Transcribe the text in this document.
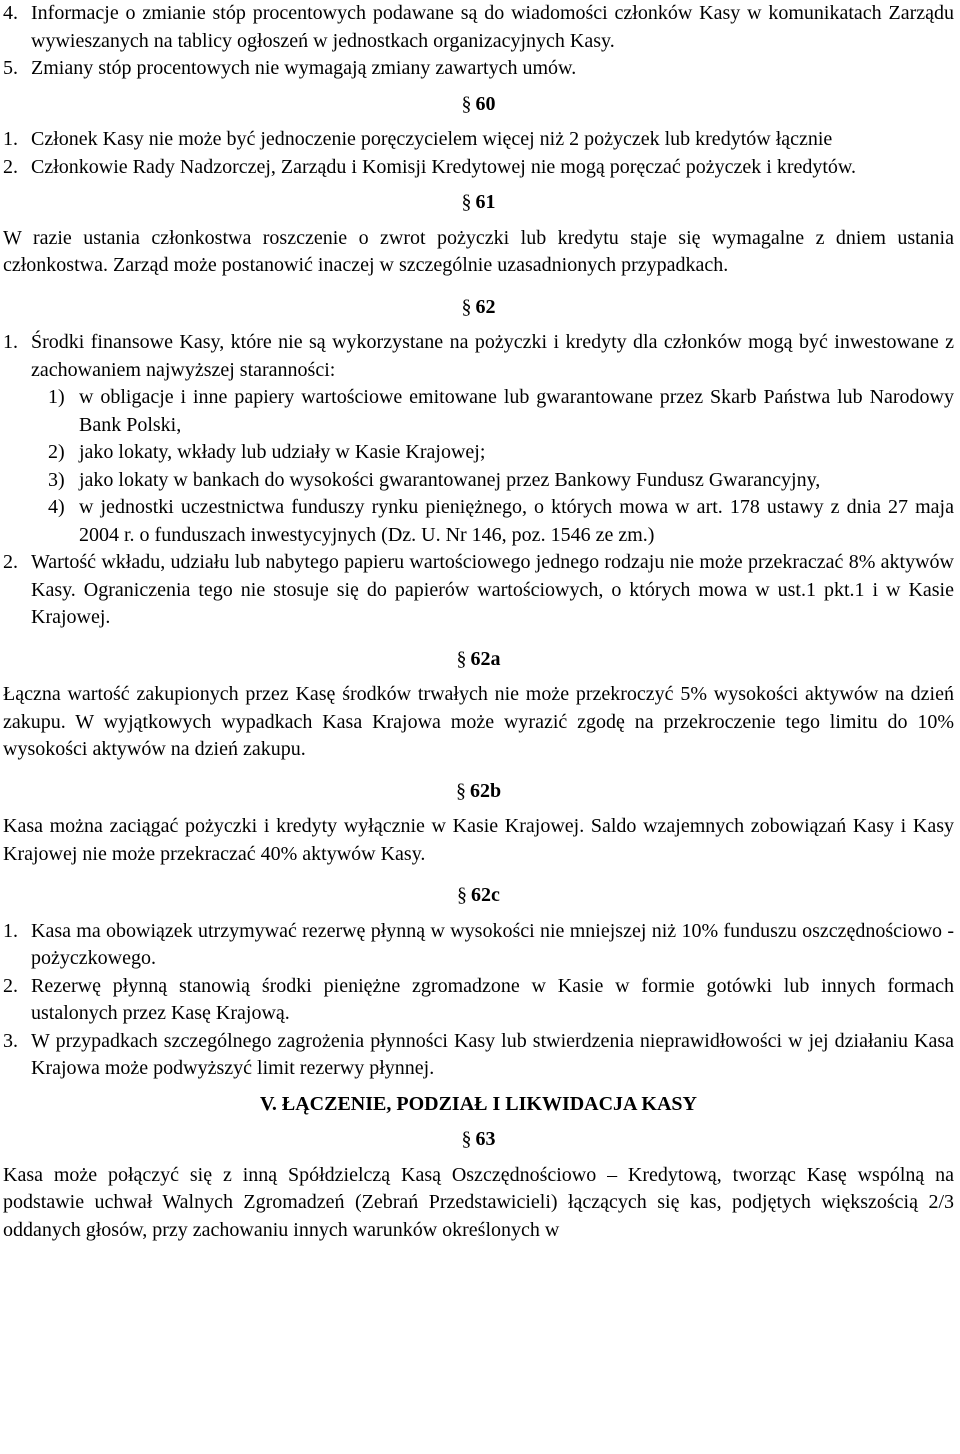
4. Informacje o zmianie stóp procentowych podawane są do wiadomości członków Kasy w komunikatach Zarządu wywieszanych na tablicy ogłoszeń w jednostkach organizacyjnych Kasy.

5. Zmiany stóp procentowych nie wymagają zmiany zawartych umów.

§ 60

1. Członek Kasy nie może być jednoczenie poręczycielem więcej niż 2 pożyczek lub kredytów łącznie

2. Członkowie Rady Nadzorczej, Zarządu i Komisji Kredytowej nie mogą poręczać pożyczek i kredytów.

§ 61

W razie ustania członkostwa roszczenie o zwrot pożyczki lub kredytu staje się wymagalne z dniem ustania członkostwa. Zarząd może postanowić inaczej w szczególnie uzasadnionych przypadkach.

§ 62

1. Środki finansowe Kasy, które nie są wykorzystane na pożyczki i kredyty dla członków mogą być inwestowane z zachowaniem najwyższej staranności:

1) w obligacje i inne papiery wartościowe emitowane lub gwarantowane przez Skarb Państwa lub Narodowy Bank Polski,

2) jako lokaty, wkłady lub udziały w Kasie Krajowej;

3) jako lokaty w bankach do wysokości gwarantowanej przez Bankowy Fundusz Gwarancyjny,

4) w jednostki uczestnictwa funduszy rynku pieniężnego, o których mowa w art. 178 ustawy z dnia 27 maja 2004 r. o funduszach inwestycyjnych (Dz. U. Nr 146, poz. 1546 ze zm.)

2. Wartość wkładu, udziału lub nabytego papieru wartościowego jednego rodzaju nie może przekraczać 8% aktywów Kasy. Ograniczenia tego nie stosuje się do papierów wartościowych, o których mowa w ust.1 pkt.1 i w Kasie Krajowej.

§ 62a

Łączna wartość zakupionych przez Kasę środków trwałych nie może przekroczyć 5% wysokości aktywów na dzień zakupu. W wyjątkowych wypadkach Kasa Krajowa może wyrazić zgodę na przekroczenie tego limitu do 10% wysokości aktywów na dzień zakupu.

§ 62b

Kasa można zaciągać pożyczki i kredyty wyłącznie w Kasie Krajowej. Saldo wzajemnych zobowiązań Kasy i Kasy Krajowej nie może przekraczać 40% aktywów Kasy.

§ 62c

1. Kasa ma obowiązek utrzymywać rezerwę płynną w wysokości nie mniejszej niż 10% funduszu oszczędnościowo - pożyczkowego.

2. Rezerwę płynną stanowią środki pieniężne zgromadzone w Kasie w formie gotówki lub innych formach ustalonych przez Kasę Krajową.

3. W przypadkach szczególnego zagrożenia płynności Kasy lub stwierdzenia nieprawidłowości w jej działaniu Kasa Krajowa może podwyższyć limit rezerwy płynnej.

V. ŁĄCZENIE, PODZIAŁ I LIKWIDACJA KASY

§ 63

Kasa może połączyć się z inną Spółdzielczą Kasą Oszczędnościowo – Kredytową, tworząc Kasę wspólną na podstawie uchwał Walnych Zgromadzeń (Zebrań Przedstawicieli) łączących się kas, podjętych większością 2/3 oddanych głosów, przy zachowaniu innych warunków określonych w
